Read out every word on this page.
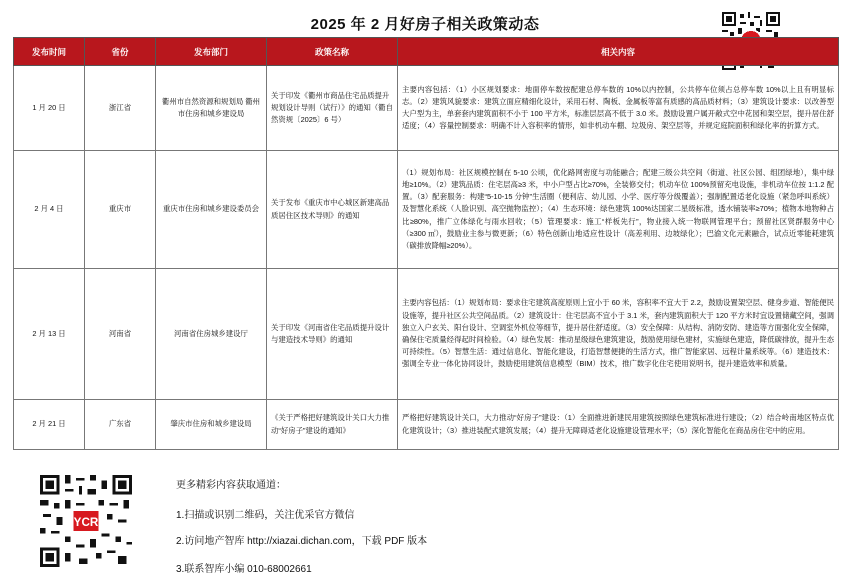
2025 年 2 月好房子相关政策动态
发布时间	省份	发布部门	政策名称	相关内容
1 月 20 日	浙江省	衢州市自然资源和规划局 衢州市住房和城乡建设局	关于印发《衢州市商品住宅品质提升规划设计导则（试行）》的通知（衢自然资规〔2025〕6 号）	主要内容包括：（1）小区规划要求：地面停车数按配建总停车数的 10%以内控制，公共停车位须占总停车数 10%以上且有明显标志。（2）建筑风貌要求：建筑立面应精细化设计，采用石材、陶板、金属板等富有质感的高品质材料；（3）建筑设计要求：以改善型大户型为主，单套套内建筑面积不小于 100 平方米，标准层层高不低于 3.0 米。鼓励设置户属开敞式空中花园和架空层，提升居住舒适度；（4）容量控制要求：明确不计入容积率的情形，如非机动车棚、垃圾房、架空层等，并规定庭院面积和绿化率的折算方式。
2 月 4 日	重庆市	重庆市住房和城乡建设委员会	关于发布《重庆市中心城区新建高品质居住区技术导则》的通知	（1）规划布局：社区规模控制在 5-10 公顷，优化路网密度与功能融合；配建三级公共空间（街道、社区公园、组团绿地），集中绿地≥10%。（2）建筑品质：住宅层高≥3 米，中小户型占比≥70%，全装修交付；机动车位 100%预留充电设施，非机动车位按 1:1.2 配置。（3）配套服务：构建“5-10-15 分钟”生活圈（便利店、幼儿园、小学、医疗等分级覆盖）；强制配置适老化设施（紧急呼叫系统）及智慧化系统（人脸识别、高空抛物监控）；（4）生态环境：绿色建筑 100%达国家二星级标准，透水铺装率≥70%；植物本地物种占比≥80%，推广立体绿化与雨水回收；（5）管理要求：施工“样板先行”，物业接入统一物联网管理平台；预留社区贤群服务中心（≥300 ㎡），鼓励业主参与微更新；（6）特色创新山地适应性设计（高差利用、边坡绿化）；巴渝文化元素融合，试点近零能耗建筑（碳排放降幅≥20%）。
2 月 13 日	河南省	河南省住房城乡建设厅	关于印发《河南省住宅品质提升设计与建造技术导则》的通知	主要内容包括：（1）规划布局：要求住宅建筑高度原则上宜小于 60 米，容积率不宜大于 2.2，鼓励设置架空层、健身步道、智能便民设施等，提升社区公共空间品质。（2）建筑设计：住宅层高不宜小于 3.1 米，套内建筑面积大于 120 平方米时宜设置储藏空间，强调独立入户玄关、阳台设计、空调室外机位等细节，提升居住舒适度。（3）安全保障：从结构、消防安防、建造等方面强化安全保障，确保住宅质量经得起时间检验。（4）绿色发展：推动星级绿色建筑建设，鼓励使用绿色建材，实施绿色建造，降低碳排放，提升生态可持续性。（5）智慧生活：通过信息化、智能化建设，打造智慧便捷的生活方式，推广智能家居、远程计量系统等。（6）建造技术：强调全专业一体化协同设计，鼓励使用建筑信息模型（BIM）技术，推广数字化住宅使用说明书，提升建造效率和质量。
2 月 21 日	广东省	肇庆市住房和城乡建设局	《关于严格把好建筑设计关口大力推动“好房子”建设的通知》	严格把好建筑设计关口，大力推动“好房子”建设：（1）全面推进新建民用建筑按照绿色建筑标准进行建设；（2）结合岭南地区特点优化建筑设计；（3）推进装配式建筑发展；（4）提升无障碍适老化设施建设管理水平；（5）深化智能化在商品房住宅中的应用。
YCR
更多精彩内容获取通道：
1.扫描或识别二维码，关注优采官方微信
2.访问地产智库 http://xiazai.dichan.com，下载 PDF 版本
3.联系智库小编 010-68002661
